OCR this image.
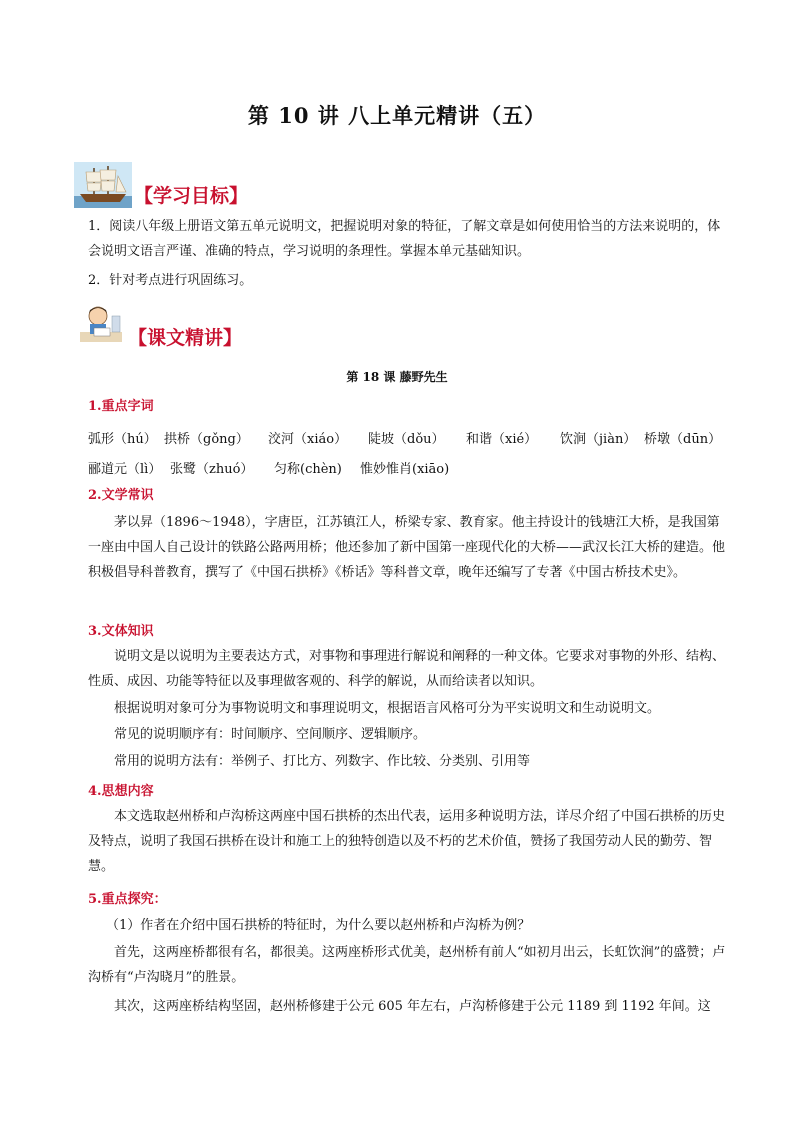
第 10 讲 八上单元精讲（五）
【学习目标】
1．阅读八年级上册语文第五单元说明文，把握说明对象的特征，了解文章是如何使用恰当的方法来说明的，体会说明文语言严谨、准确的特点，学习说明的条理性。掌握本单元基础知识。
2．针对考点进行巩固练习。
【课文精讲】
第 18 课 藤野先生
1.重点字词
弧形（hú） 拱桥（gǒng） 洨河（xiáo） 陡坡（dǒu） 和谐（xié） 饮涧（jiàn） 桥墩（dūn）
郦道元（lì） 张鹭（zhuó） 匀称(chèn) 惟妙惟肖(xiāo)
2.文学常识
茅以昇（1896～1948），字唐臣，江苏镇江人，桥梁专家、教育家。他主持设计的钱塘江大桥，是我国第一座由中国人自己设计的铁路公路两用桥；他还参加了新中国第一座现代化的大桥——武汉长江大桥的建造。他积极倡导科普教育，撰写了《中国石拱桥》《桥话》等科普文章，晚年还编写了专著《中国古桥技术史》。
3.文体知识
说明文是以说明为主要表达方式，对事物和事理进行解说和阐释的一种文体。它要求对事物的外形、结构、性质、成因、功能等特征以及事理做客观的、科学的解说，从而给读者以知识。
根据说明对象可分为事物说明文和事理说明文，根据语言风格可分为平实说明文和生动说明文。
常见的说明顺序有：时间顺序、空间顺序、逻辑顺序。
常用的说明方法有：举例子、打比方、列数字、作比较、分类别、引用等
4.思想内容
本文选取赵州桥和卢沟桥这两座中国石拱桥的杰出代表，运用多种说明方法，详尽介绍了中国石拱桥的历史及特点，说明了我国石拱桥在设计和施工上的独特创造以及不朽的艺术价值，赞扬了我国劳动人民的勤劳、智慧。
5.重点探究：
（1）作者在介绍中国石拱桥的特征时，为什么要以赵州桥和卢沟桥为例？
首先，这两座桥都很有名，都很美。这两座桥形式优美，赵州桥有前人“如初月出云，长虹饮涧”的盛赞；卢沟桥有“卢沟晓月”的胜景。
其次，这两座桥结构坚固，赵州桥修建于公元 605 年左右，卢沟桥修建于公元 1189 到 1192 年间。这
